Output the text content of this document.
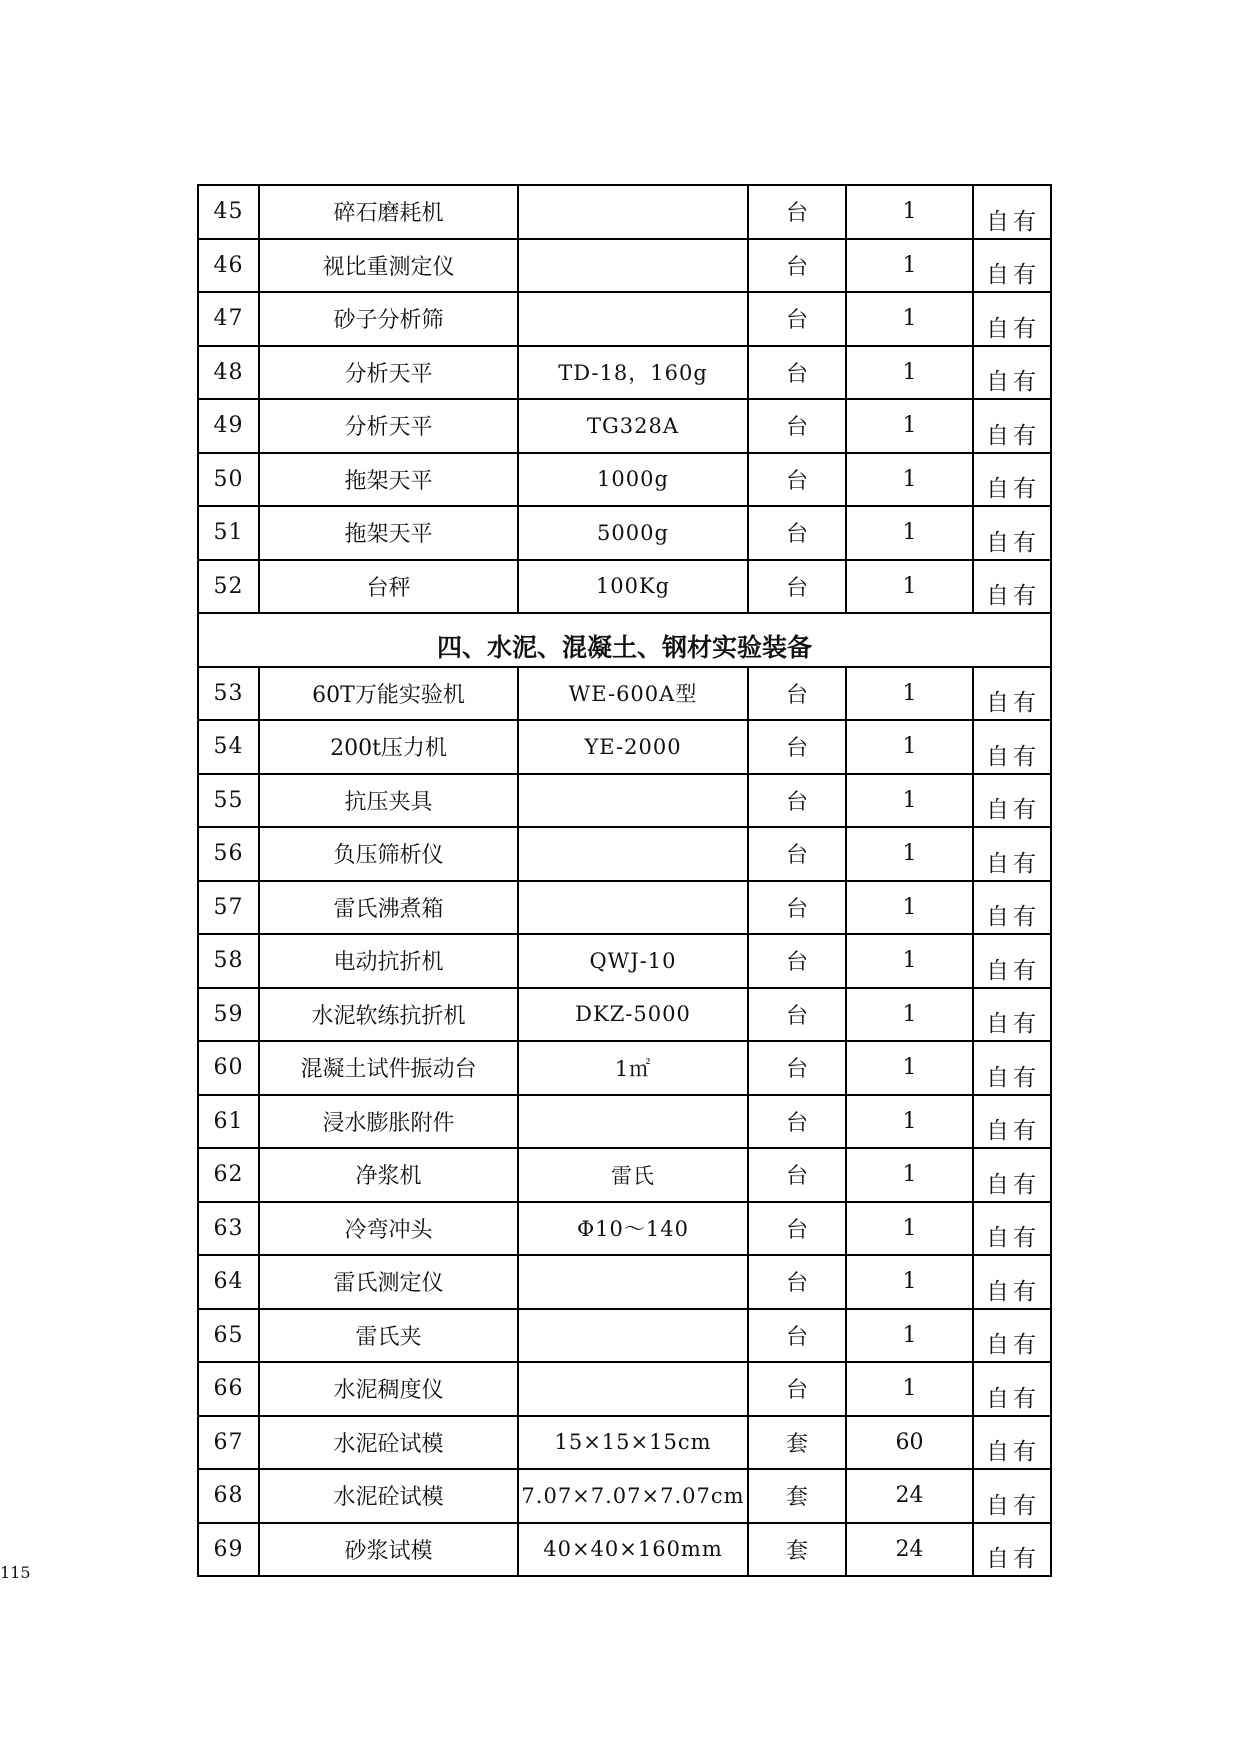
45	碎石磨耗机		台	1	自有
46	视比重测定仪		台	1	自有
47	砂子分析筛		台	1	自有
48	分析天平	TD-18，160g	台	1	自有
49	分析天平	TG328A	台	1	自有
50	拖架天平	1000g	台	1	自有
51	拖架天平	5000g	台	1	自有
52	台秤	100Kg	台	1	自有
四、水泥、混凝土、钢材实验装备					
53	60T万能实验机	WE-600A型	台	1	自有
54	200t压力机	YE-2000	台	1	自有
55	抗压夹具		台	1	自有
56	负压筛析仪		台	1	自有
57	雷氏沸煮箱		台	1	自有
58	电动抗折机	QWJ-10	台	1	自有
59	水泥软练抗折机	DKZ-5000	台	1	自有
60	混凝土试件振动台	1㎡	台	1	自有
61	浸水膨胀附件		台	1	自有
62	净浆机	雷氏	台	1	自有
63	冷弯冲头	Φ10～140	台	1	自有
64	雷氏测定仪		台	1	自有
65	雷氏夹		台	1	自有
66	水泥稠度仪		台	1	自有
67	水泥砼试模	15×15×15cm	套	60	自有
68	水泥砼试模	7.07×7.07×7.07cm	套	24	自有
69	砂浆试模	40×40×160mm	套	24	自有
115
